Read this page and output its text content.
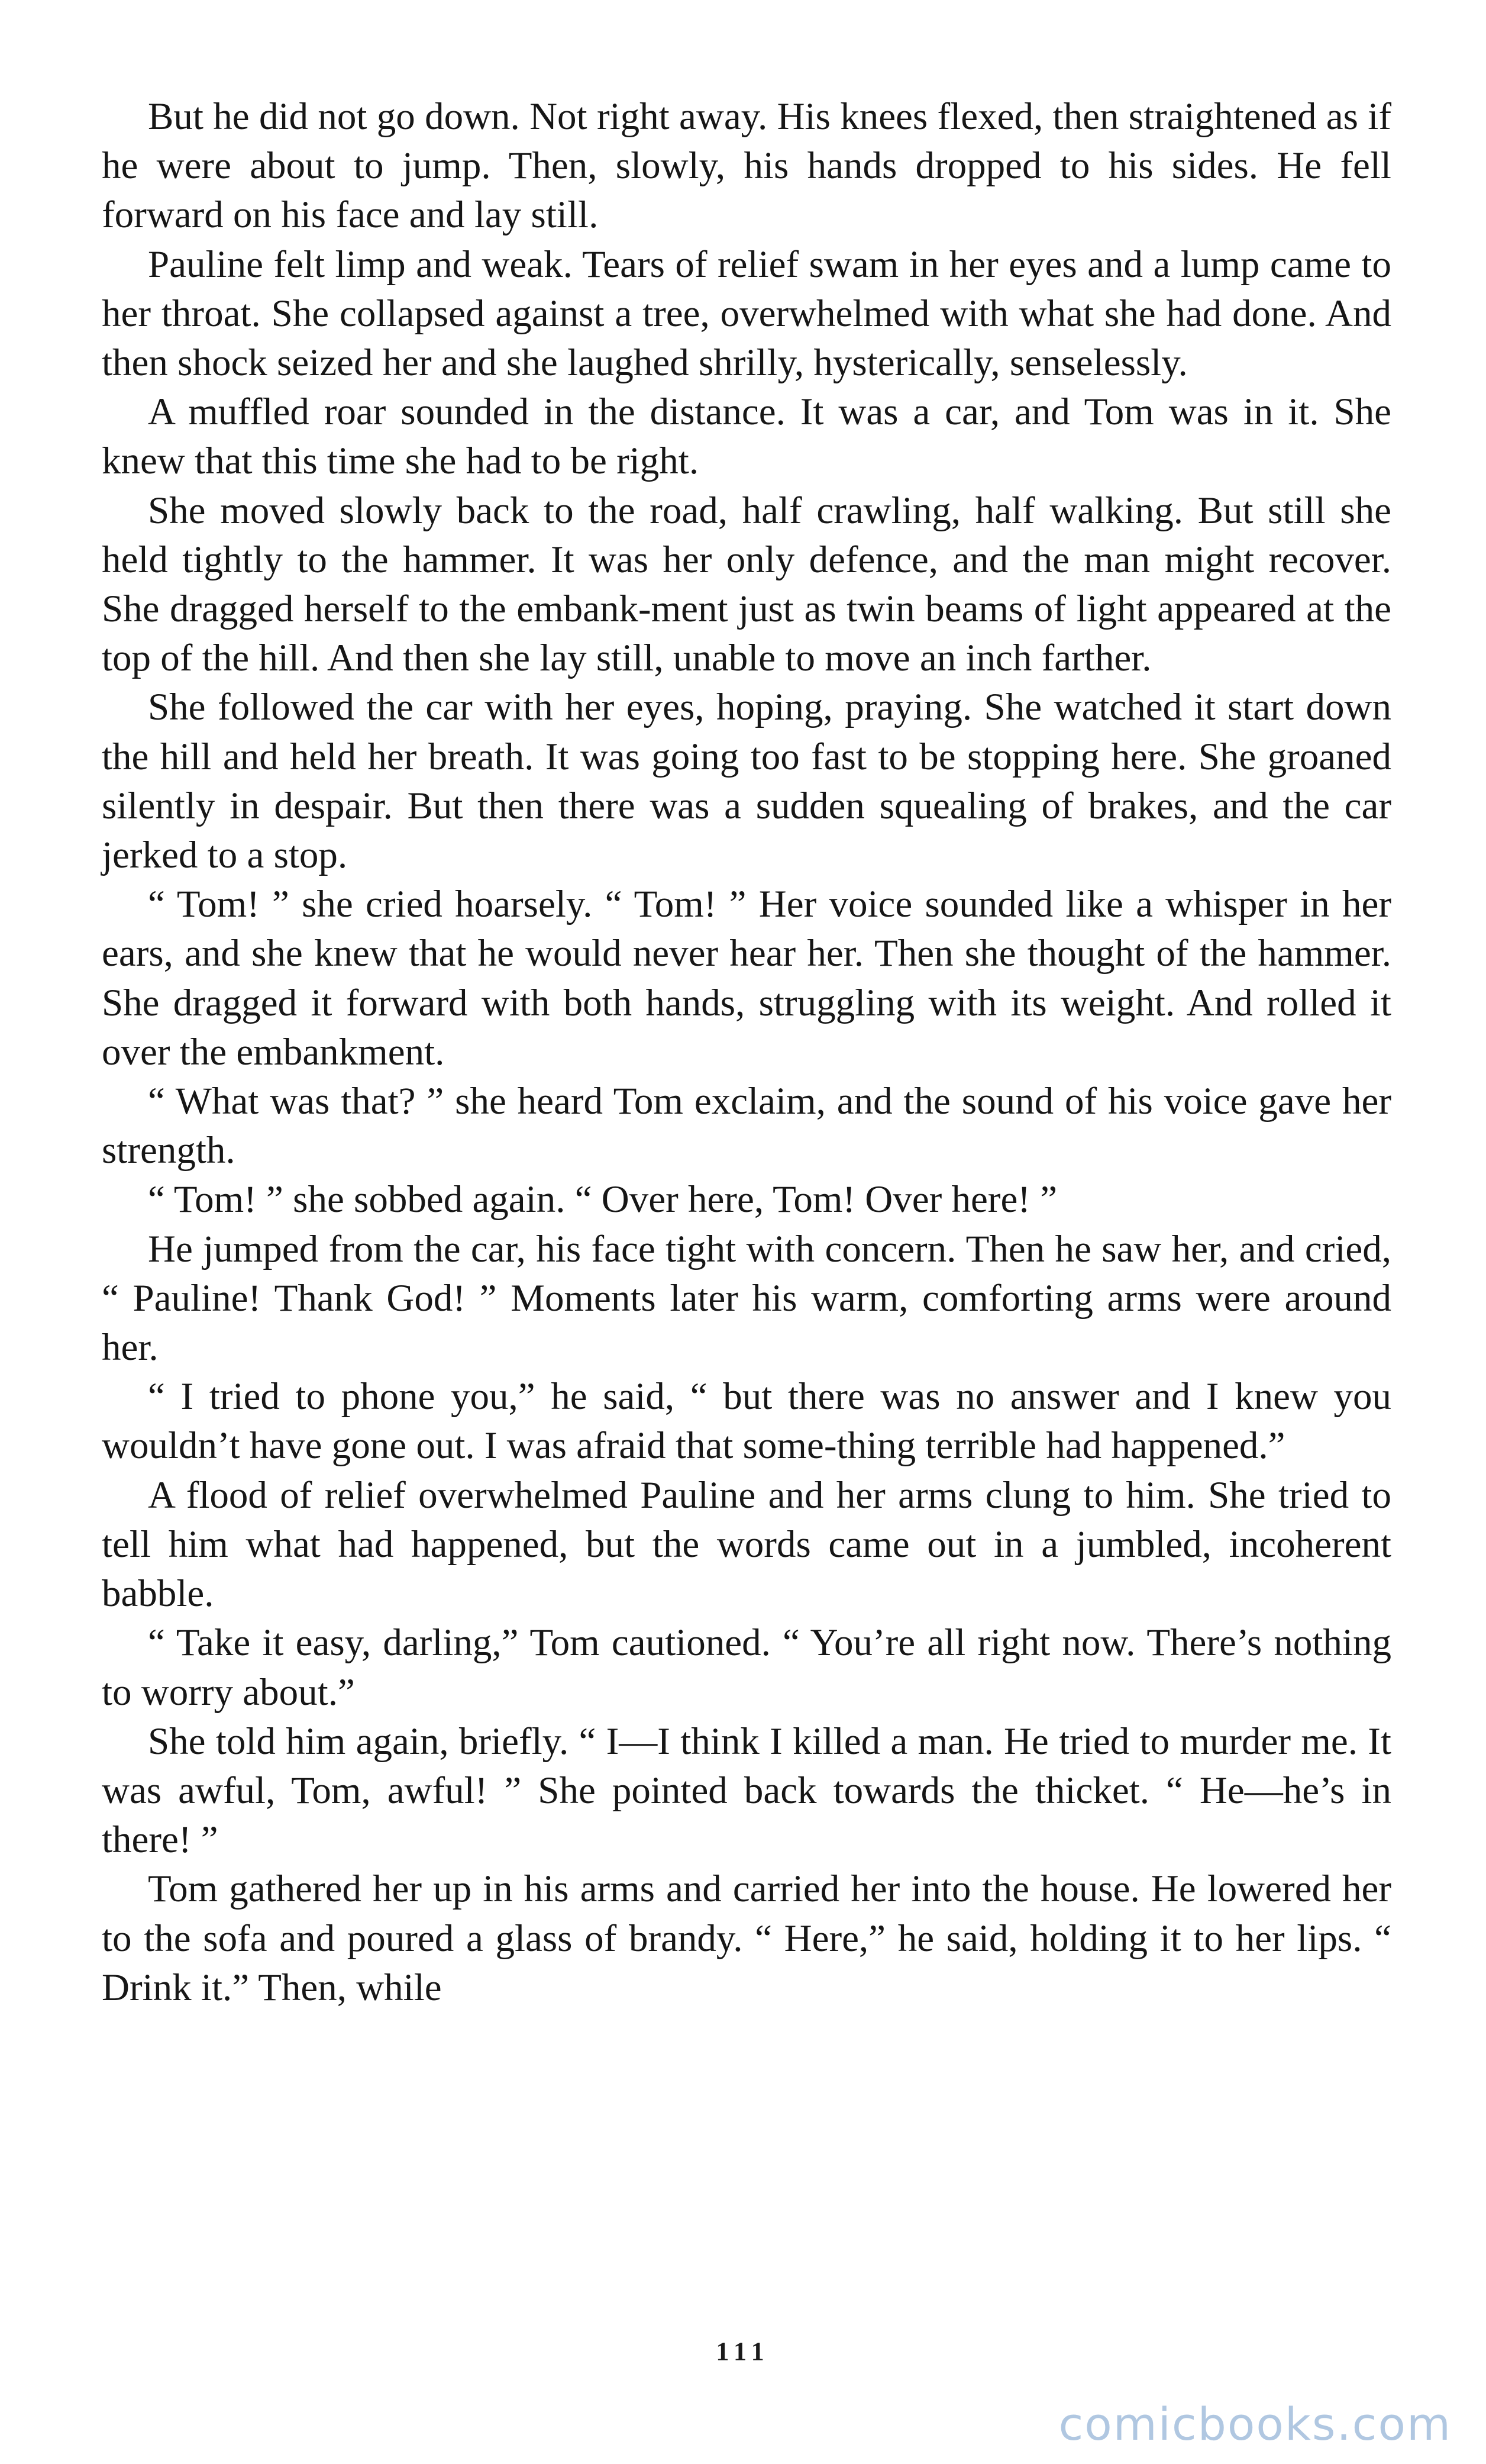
But he did not go down. Not right away. His knees flexed, then straightened as if he were about to jump. Then, slowly, his hands dropped to his sides. He fell forward on his face and lay still.

Pauline felt limp and weak. Tears of relief swam in her eyes and a lump came to her throat. She collapsed against a tree, overwhelmed with what she had done. And then shock seized her and she laughed shrilly, hysterically, senselessly.

A muffled roar sounded in the distance. It was a car, and Tom was in it. She knew that this time she had to be right.

She moved slowly back to the road, half crawling, half walking. But still she held tightly to the hammer. It was her only defence, and the man might recover. She dragged herself to the embank-ment just as twin beams of light appeared at the top of the hill. And then she lay still, unable to move an inch farther.

She followed the car with her eyes, hoping, praying. She watched it start down the hill and held her breath. It was going too fast to be stopping here. She groaned silently in despair. But then there was a sudden squealing of brakes, and the car jerked to a stop.

“ Tom! ” she cried hoarsely. “ Tom! ” Her voice sounded like a whisper in her ears, and she knew that he would never hear her. Then she thought of the hammer. She dragged it forward with both hands, struggling with its weight. And rolled it over the embankment.

“ What was that? ” she heard Tom exclaim, and the sound of his voice gave her strength.

“ Tom! ” she sobbed again. “ Over here, Tom! Over here! ”

He jumped from the car, his face tight with concern. Then he saw her, and cried, “ Pauline! Thank God! ” Moments later his warm, comforting arms were around her.

“ I tried to phone you,” he said, “ but there was no answer and I knew you wouldn’t have gone out. I was afraid that some-thing terrible had happened.”

A flood of relief overwhelmed Pauline and her arms clung to him. She tried to tell him what had happened, but the words came out in a jumbled, incoherent babble.

“ Take it easy, darling,” Tom cautioned. “ You’re all right now. There’s nothing to worry about.”

She told him again, briefly. “ I—I think I killed a man. He tried to murder me. It was awful, Tom, awful! ” She pointed back towards the thicket. “ He—he’s in there! ”

Tom gathered her up in his arms and carried her into the house. He lowered her to the sofa and poured a glass of brandy. “ Here,” he said, holding it to her lips. “ Drink it.” Then, while

111
comicbooks.com
